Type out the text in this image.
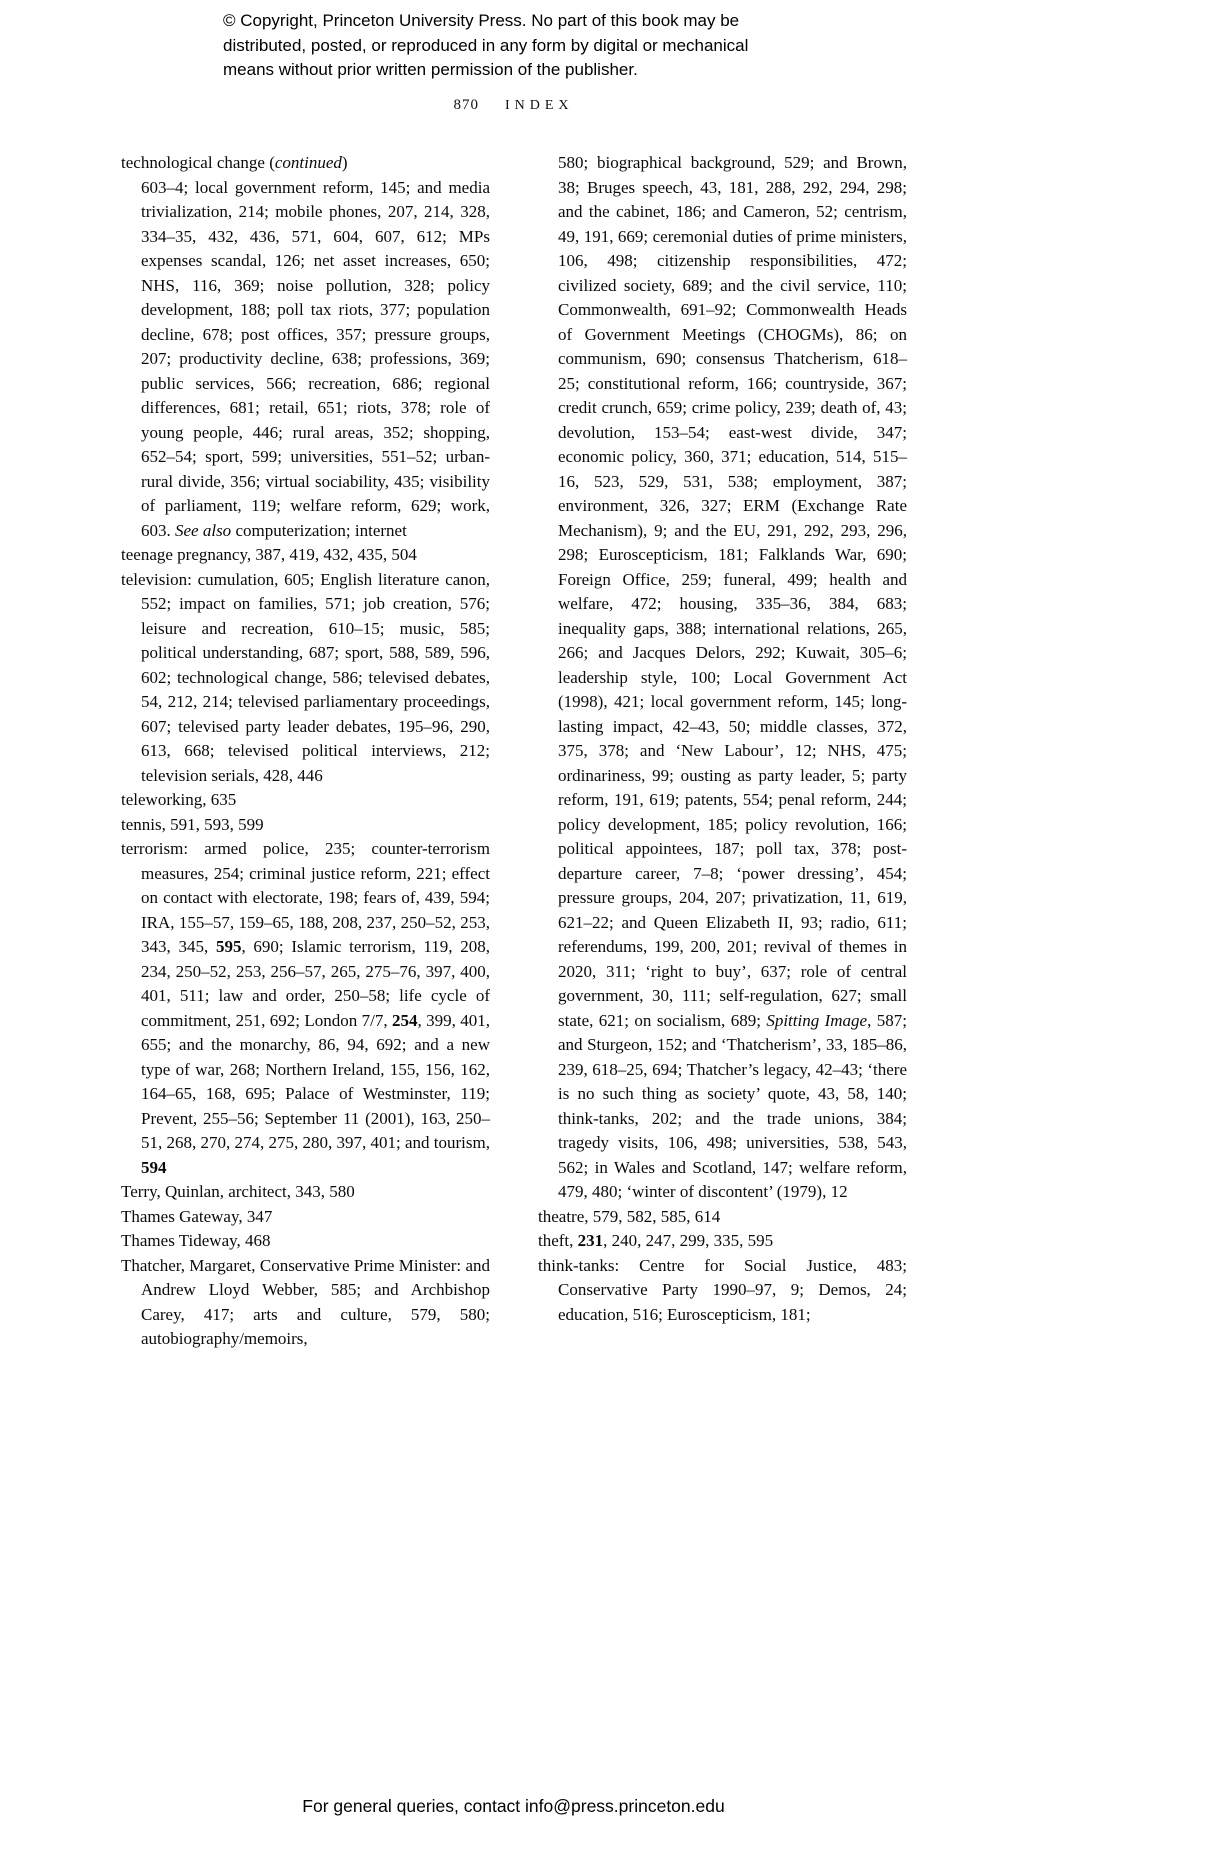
© Copyright, Princeton University Press. No part of this book may be
distributed, posted, or reproduced in any form by digital or mechanical
means without prior written permission of the publisher.
870 INDEX

technological change (continued)

603–4; local government reform, 145; and media trivialization, 214; mobile phones, 207, 214, 328, 334–35, 432, 436, 571, 604, 607, 612; MPs expenses scandal, 126; net asset increases, 650; NHS, 116, 369; noise pollution, 328; policy development, 188; poll tax riots, 377; population decline, 678; post offices, 357; pressure groups, 207; productivity decline, 638; professions, 369; public services, 566; recreation, 686; regional differences, 681; retail, 651; riots, 378; role of young people, 446; rural areas, 352; shopping, 652–54; sport, 599; universities, 551–52; urban-rural divide, 356; virtual sociability, 435; visibility of parliament, 119; welfare reform, 629; work, 603. See also computerization; internet

teenage pregnancy, 387, 419, 432, 435, 504

television: cumulation, 605; English literature canon, 552; impact on families, 571; job creation, 576; leisure and recreation, 610–15; music, 585; political understanding, 687; sport, 588, 589, 596, 602; technological change, 586; televised debates, 54, 212, 214; televised parliamentary proceedings, 607; televised party leader debates, 195–96, 290, 613, 668; televised political interviews, 212; television serials, 428, 446

teleworking, 635

tennis, 591, 593, 599

terrorism: armed police, 235; counter-terrorism measures, 254; criminal justice reform, 221; effect on contact with electorate, 198; fears of, 439, 594; IRA, 155–57, 159–65, 188, 208, 237, 250–52, 253, 343, 345, 595, 690; Islamic terrorism, 119, 208, 234, 250–52, 253, 256–57, 265, 275–76, 397, 400, 401, 511; law and order, 250–58; life cycle of commitment, 251, 692; London 7/7, 254, 399, 401, 655; and the monarchy, 86, 94, 692; and a new type of war, 268; Northern Ireland, 155, 156, 162, 164–65, 168, 695; Palace of Westminster, 119; Prevent, 255–56; September 11 (2001), 163, 250–51, 268, 270, 274, 275, 280, 397, 401; and tourism, 594

Terry, Quinlan, architect, 343, 580

Thames Gateway, 347

Thames Tideway, 468

Thatcher, Margaret, Conservative Prime Minister: and Andrew Lloyd Webber, 585; and Archbishop Carey, 417; arts and culture, 579, 580; autobiography/memoirs,

580; biographical background, 529; and Brown, 38; Bruges speech, 43, 181, 288, 292, 294, 298; and the cabinet, 186; and Cameron, 52; centrism, 49, 191, 669; ceremonial duties of prime ministers, 106, 498; citizenship responsibilities, 472; civilized society, 689; and the civil service, 110; Commonwealth, 691–92; Commonwealth Heads of Government Meetings (CHOGMs), 86; on communism, 690; consensus Thatcherism, 618–25; constitutional reform, 166; countryside, 367; credit crunch, 659; crime policy, 239; death of, 43; devolution, 153–54; east-west divide, 347; economic policy, 360, 371; education, 514, 515–16, 523, 529, 531, 538; employment, 387; environment, 326, 327; ERM (Exchange Rate Mechanism), 9; and the EU, 291, 292, 293, 296, 298; Euroscepticism, 181; Falklands War, 690; Foreign Office, 259; funeral, 499; health and welfare, 472; housing, 335–36, 384, 683; inequality gaps, 388; international relations, 265, 266; and Jacques Delors, 292; Kuwait, 305–6; leadership style, 100; Local Government Act (1998), 421; local government reform, 145; long-lasting impact, 42–43, 50; middle classes, 372, 375, 378; and ‘New Labour’, 12; NHS, 475; ordinariness, 99; ousting as party leader, 5; party reform, 191, 619; patents, 554; penal reform, 244; policy development, 185; policy revolution, 166; political appointees, 187; poll tax, 378; post-departure career, 7–8; ‘power dressing’, 454; pressure groups, 204, 207; privatization, 11, 619, 621–22; and Queen Elizabeth II, 93; radio, 611; referendums, 199, 200, 201; revival of themes in 2020, 311; ‘right to buy’, 637; role of central government, 30, 111; self-regulation, 627; small state, 621; on socialism, 689; Spitting Image, 587; and Sturgeon, 152; and ‘Thatcherism’, 33, 185–86, 239, 618–25, 694; Thatcher’s legacy, 42–43; ‘there is no such thing as society’ quote, 43, 58, 140; think-tanks, 202; and the trade unions, 384; tragedy visits, 106, 498; universities, 538, 543, 562; in Wales and Scotland, 147; welfare reform, 479, 480; ‘winter of discontent’ (1979), 12

theatre, 579, 582, 585, 614

theft, 231, 240, 247, 299, 335, 595

think-tanks: Centre for Social Justice, 483; Conservative Party 1990–97, 9; Demos, 24; education, 516; Euroscepticism, 181;

For general queries, contact info@press.princeton.edu
